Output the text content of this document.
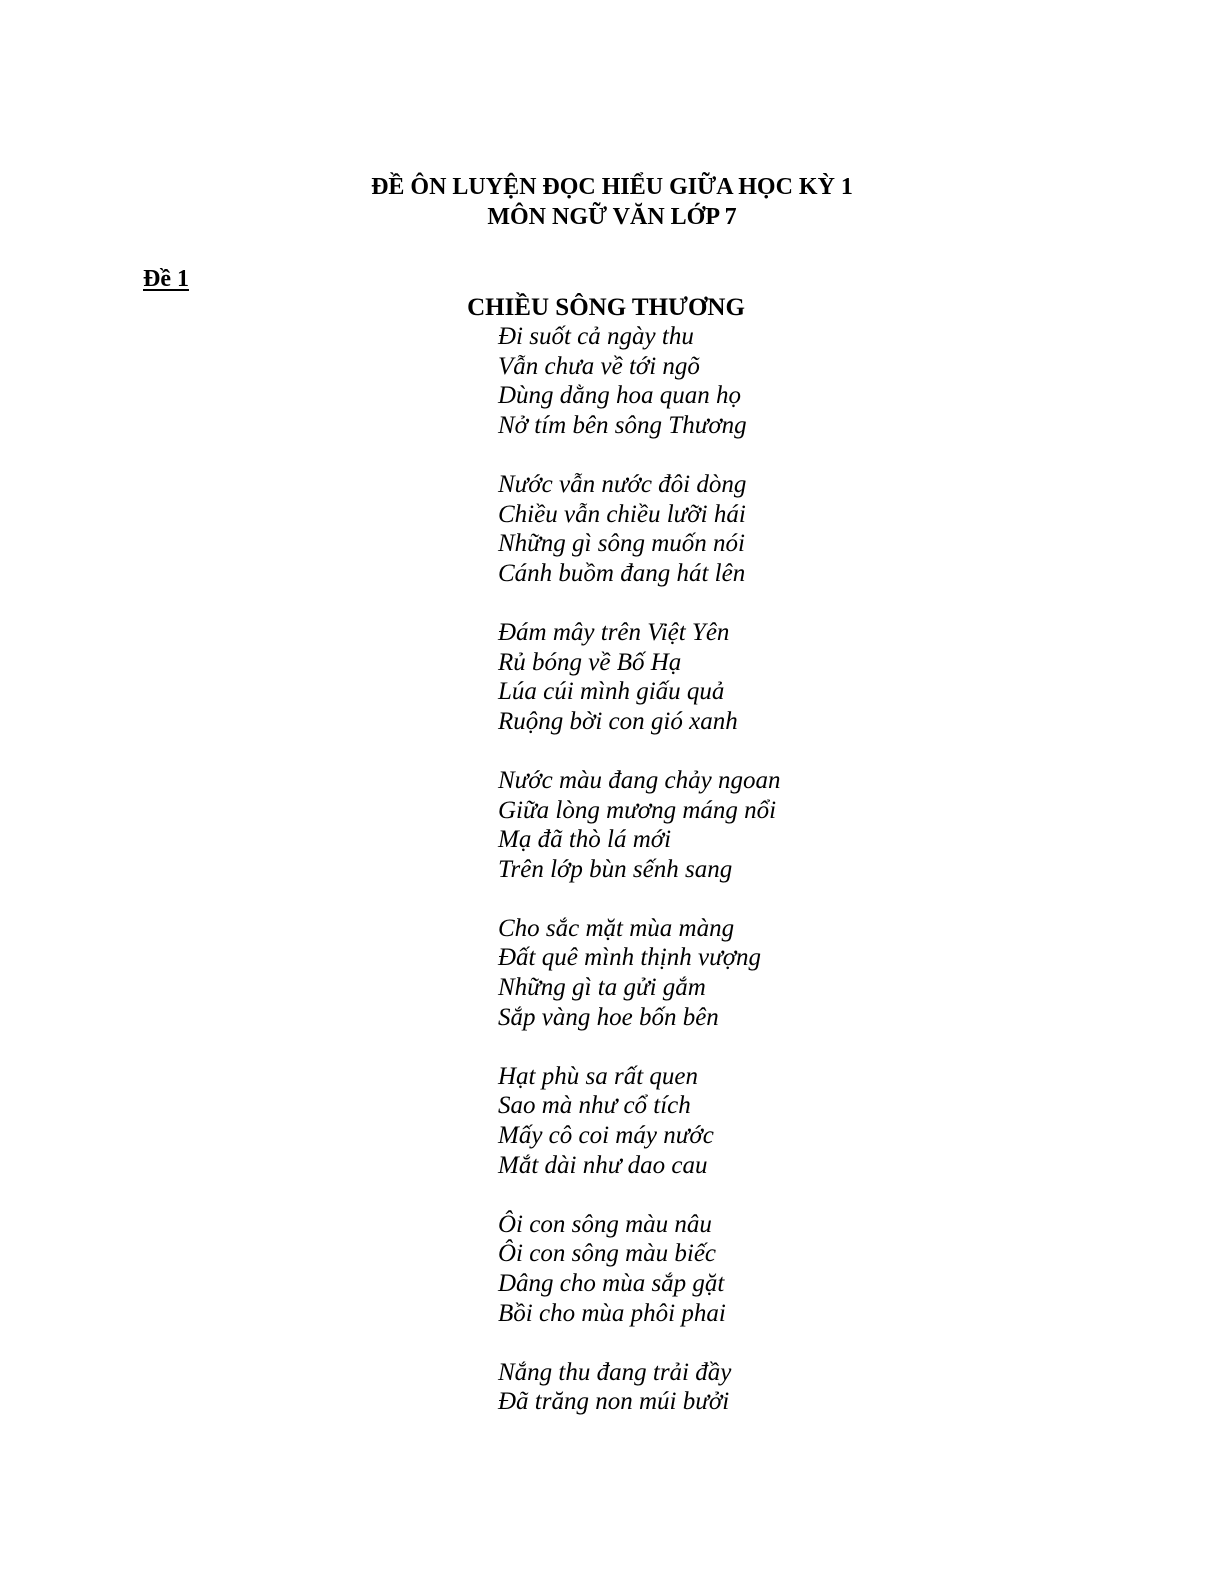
ĐỀ ÔN LUYỆN ĐỌC HIỂU GIỮA HỌC KỲ 1
MÔN NGỮ VĂN LỚP 7
Đề 1
CHIỀU SÔNG THƯƠNG
Đi suốt cả ngày thu
Vẫn chưa về tới ngõ
Dùng dằng hoa quan họ
Nở tím bên sông Thương
Nước vẫn nước đôi dòng
Chiều vẫn chiều lưỡi hái
Những gì sông muốn nói
Cánh buồm đang hát lên
Đám mây trên Việt Yên
Rủ bóng về Bố Hạ
Lúa cúi mình giấu quả
Ruộng bời con gió xanh
Nước màu đang chảy ngoan
Giữa lòng mương máng nổi
Mạ đã thò lá mới
Trên lớp bùn sếnh sang
Cho sắc mặt mùa màng
Đất quê mình thịnh vượng
Những gì ta gửi gắm
Sắp vàng hoe bốn bên
Hạt phù sa rất quen
Sao mà như cổ tích
Mấy cô coi máy nước
Mắt dài như dao cau
Ôi con sông màu nâu
Ôi con sông màu biếc
Dâng cho mùa sắp gặt
Bồi cho mùa phôi phai
Nắng thu đang trải đầy
Đã trăng non múi bưởi
